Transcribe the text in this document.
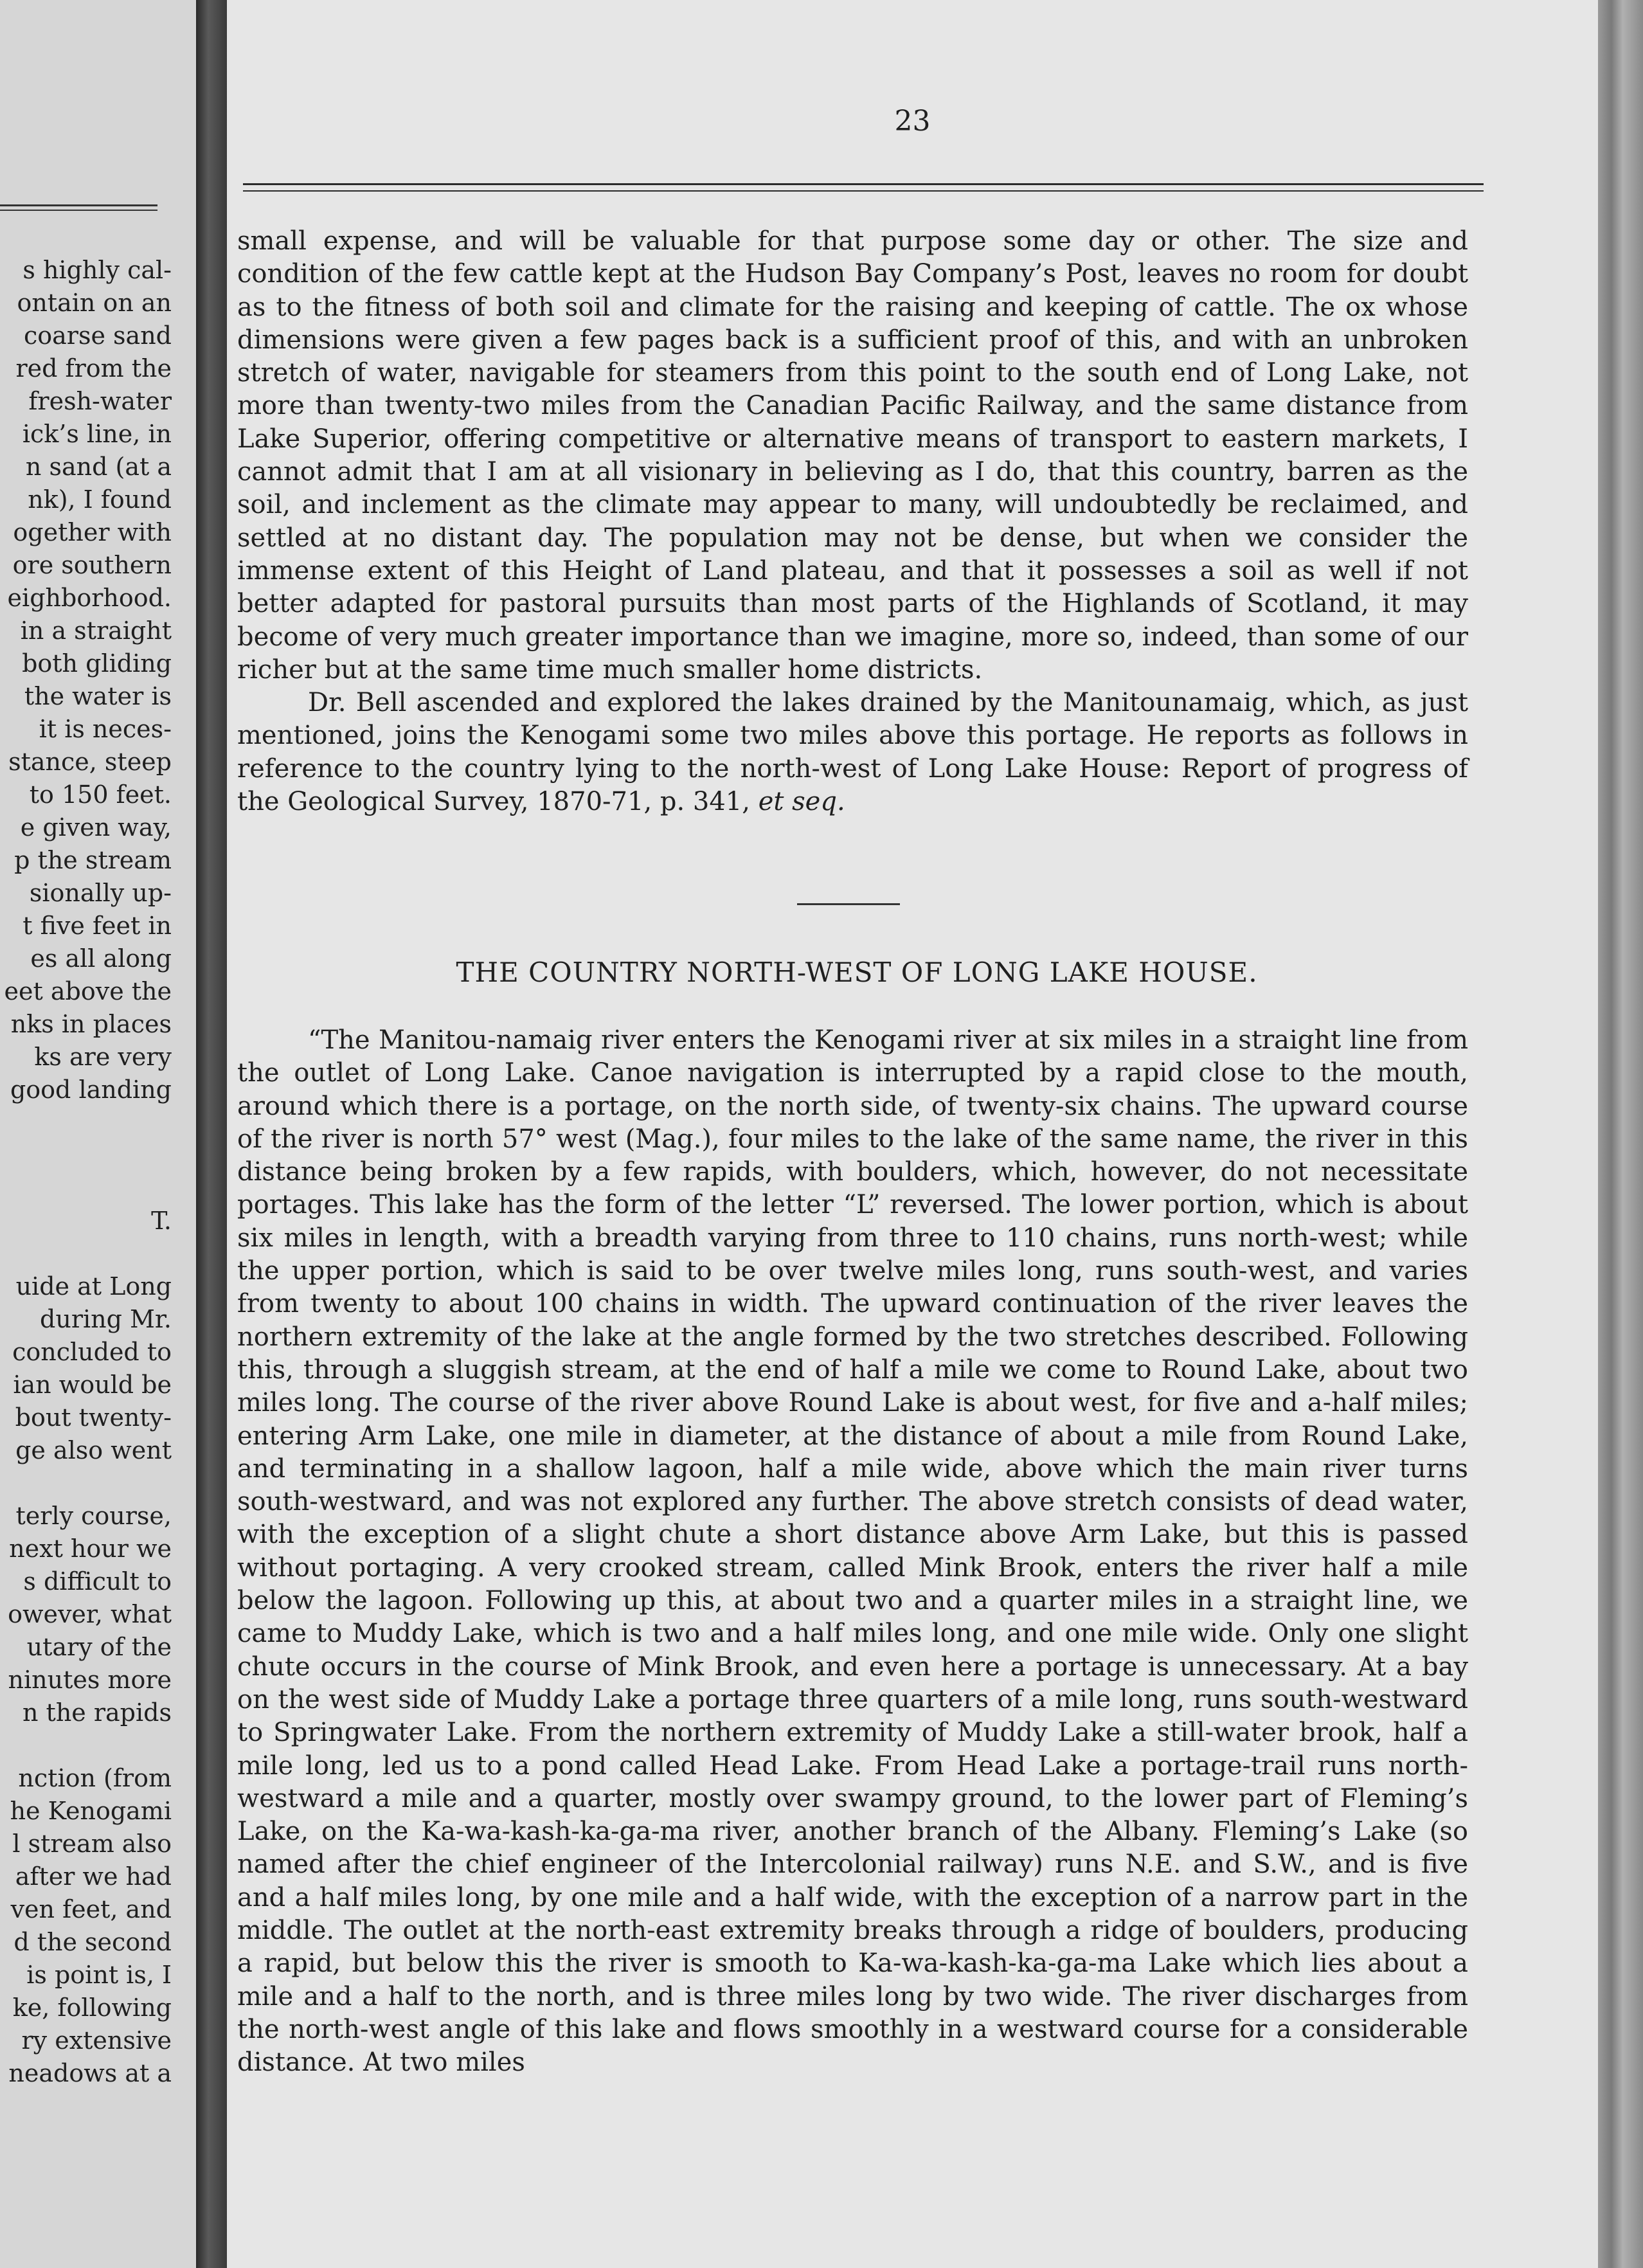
s highly cal-
ontain on an
coarse sand
red from the
fresh-water
ick’s line, in
n sand (at a
nk), I found
ogether with
ore southern
eighborhood.
in a straight
both gliding
the water is
it is neces-
stance, steep
to 150 feet.
e given way,
p the stream
sionally up-
t five feet in
es all along
eet above the
nks in places
ks are very
good landing
T.
uide at Long
during Mr.
concluded to
ian would be
bout twenty-
ge also went
terly course,
next hour we
s difficult to
owever, what
utary of the
ninutes more
n the rapids
nction (from
he Kenogami
l stream also
after we had
ven feet, and
d the second
is point is, I
ke, following
ry extensive
neadows at a
23

small expense, and will be valuable for that purpose some day or other. The size and condition of the few cattle kept at the Hudson Bay Company’s Post, leaves no room for doubt as to the fitness of both soil and climate for the raising and keeping of cattle. The ox whose dimensions were given a few pages back is a sufficient proof of this, and with an unbroken stretch of water, navigable for steamers from this point to the south end of Long Lake, not more than twenty-two miles from the Canadian Pacific Railway, and the same distance from Lake Superior, offering competitive or alternative means of transport to eastern markets, I cannot admit that I am at all visionary in believing as I do, that this country, barren as the soil, and inclement as the climate may appear to many, will undoubtedly be reclaimed, and settled at no distant day. The population may not be dense, but when we consider the immense extent of this Height of Land plateau, and that it possesses a soil as well if not better adapted for pastoral pursuits than most parts of the Highlands of Scotland, it may become of very much greater importance than we imagine, more so, indeed, than some of our richer but at the same time much smaller home districts.

Dr. Bell ascended and explored the lakes drained by the Manitounamaig, which, as just mentioned, joins the Kenogami some two miles above this portage. He reports as follows in reference to the country lying to the north-west of Long Lake House: Report of progress of the Geological Survey, 1870-71, p. 341, et seq.

THE COUNTRY NORTH-WEST OF LONG LAKE HOUSE.

“The Manitou-namaig river enters the Kenogami river at six miles in a straight line from the outlet of Long Lake. Canoe navigation is interrupted by a rapid close to the mouth, around which there is a portage, on the north side, of twenty-six chains. The upward course of the river is north 57° west (Mag.), four miles to the lake of the same name, the river in this distance being broken by a few rapids, with boulders, which, however, do not necessitate portages. This lake has the form of the letter “L” reversed. The lower portion, which is about six miles in length, with a breadth varying from three to 110 chains, runs north-west; while the upper portion, which is said to be over twelve miles long, runs south-west, and varies from twenty to about 100 chains in width. The upward continuation of the river leaves the northern extremity of the lake at the angle formed by the two stretches described. Following this, through a sluggish stream, at the end of half a mile we come to Round Lake, about two miles long. The course of the river above Round Lake is about west, for five and a-half miles; entering Arm Lake, one mile in diameter, at the distance of about a mile from Round Lake, and terminating in a shallow lagoon, half a mile wide, above which the main river turns south-westward, and was not explored any further. The above stretch consists of dead water, with the exception of a slight chute a short distance above Arm Lake, but this is passed without portaging. A very crooked stream, called Mink Brook, enters the river half a mile below the lagoon. Following up this, at about two and a quarter miles in a straight line, we came to Muddy Lake, which is two and a half miles long, and one mile wide. Only one slight chute occurs in the course of Mink Brook, and even here a portage is unnecessary. At a bay on the west side of Muddy Lake a portage three quarters of a mile long, runs south-westward to Springwater Lake. From the northern extremity of Muddy Lake a still-water brook, half a mile long, led us to a pond called Head Lake. From Head Lake a portage-trail runs north-westward a mile and a quarter, mostly over swampy ground, to the lower part of Fleming’s Lake, on the Ka-wa-kash-ka-ga-ma river, another branch of the Albany. Fleming’s Lake (so named after the chief engineer of the Intercolonial railway) runs N.E. and S.W., and is five and a half miles long, by one mile and a half wide, with the exception of a narrow part in the middle. The outlet at the north-east extremity breaks through a ridge of boulders, producing a rapid, but below this the river is smooth to Ka-wa-kash-ka-ga-ma Lake which lies about a mile and a half to the north, and is three miles long by two wide. The river discharges from the north-west angle of this lake and flows smoothly in a westward course for a considerable distance. At two miles
